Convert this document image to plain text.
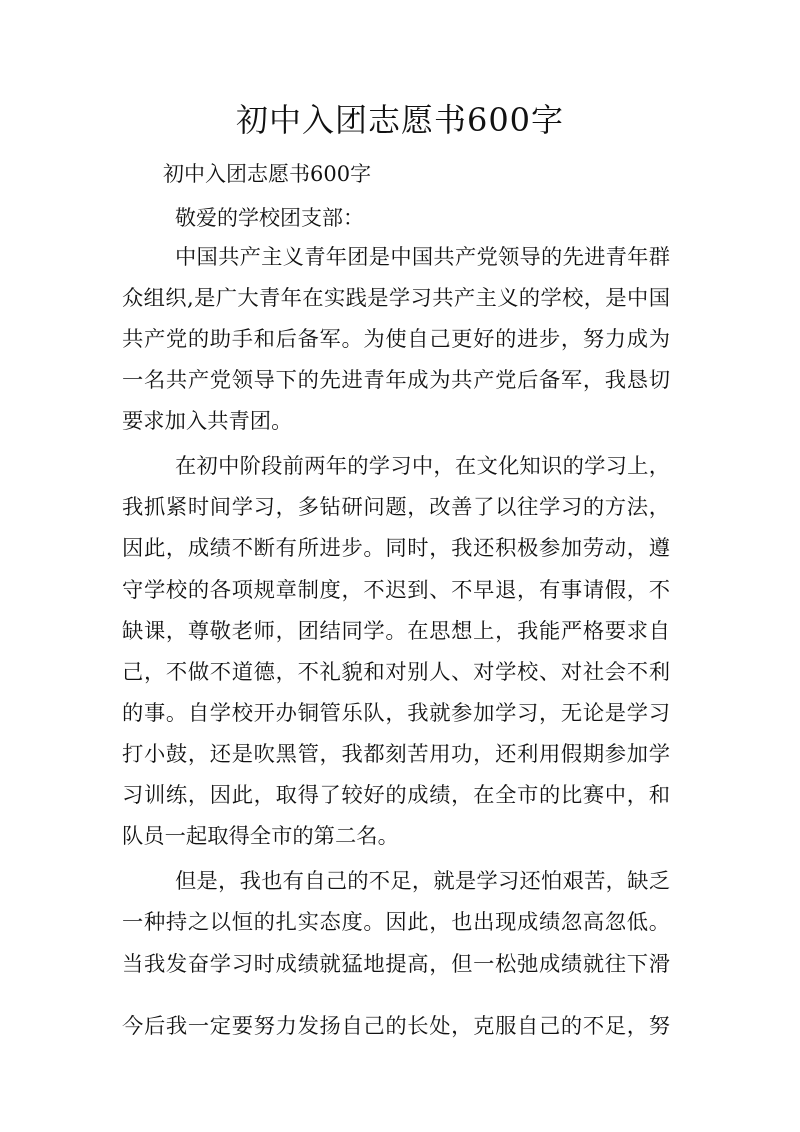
初中入团志愿书600字

初中入团志愿书600字

敬爱的学校团支部：

中国共产主义青年团是中国共产党领导的先进青年群

众组织,是广大青年在实践是学习共产主义的学校，是中国

共产党的助手和后备军。为使自己更好的进步，努力成为

一名共产党领导下的先进青年成为共产党后备军，我恳切

要求加入共青团。

在初中阶段前两年的学习中，在文化知识的学习上，

我抓紧时间学习，多钻研问题，改善了以往学习的方法，

因此，成绩不断有所进步。同时，我还积极参加劳动，遵

守学校的各项规章制度，不迟到、不早退，有事请假，不

缺课，尊敬老师，团结同学。在思想上，我能严格要求自

己，不做不道德，不礼貌和对别人、对学校、对社会不利

的事。自学校开办铜管乐队，我就参加学习，无论是学习

打小鼓，还是吹黑管，我都刻苦用功，还利用假期参加学

习训练，因此，取得了较好的成绩，在全市的比赛中，和

队员一起取得全市的第二名。

但是，我也有自己的不足，就是学习还怕艰苦，缺乏

一种持之以恒的扎实态度。因此，也出现成绩忽高忽低。

当我发奋学习时成绩就猛地提高，但一松弛成绩就往下滑

今后我一定要努力发扬自己的长处，克服自己的不足，努
